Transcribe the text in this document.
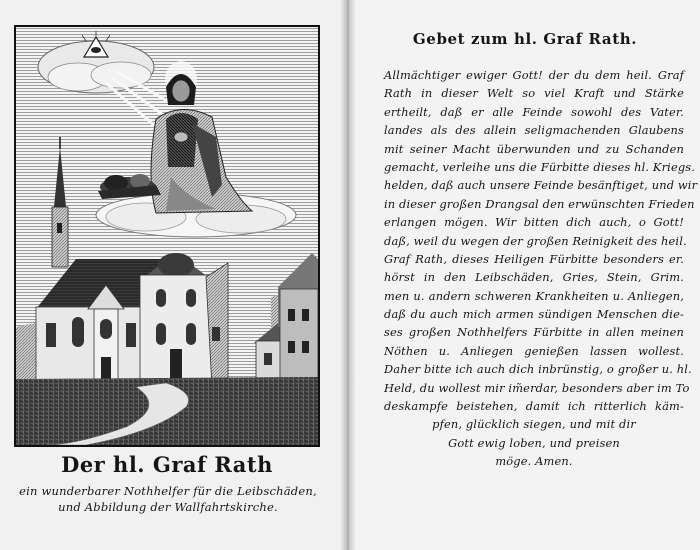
Der hl. Graf Rath
ein wunderbarer Nothhelfer für die Leibschäden,
und Abbildung der Wallfahrtskirche.
Gebet zum hl. Graf Rath.
Allmächtiger ewiger Gott! der du dem heil. Graf
Rath in dieser Welt so viel Kraft und Stärke
ertheilt, daß er alle Feinde sowohl des Vater.
landes als des allein seligmachenden Glaubens
mit seiner Macht überwunden und zu Schanden
gemacht, verleihe uns die Fürbitte dieses hl. Kriegs.
helden, daß auch unsere Feinde besänftiget, und wir
in dieser großen Drangsal den erwünschten Frieden
erlangen mögen. Wir bitten dich auch, o Gott!
daß, weil du wegen der großen Reinigkeit des heil.
Graf Rath, dieses Heiligen Fürbitte besonders er.
hörst in den Leibschäden, Gries, Stein, Grim.
men u. andern schweren Krankheiten u. Anliegen,
daß du auch mich armen sündigen Menschen die-
ses großen Nothhelfers Fürbitte in allen meinen
Nöthen u. Anliegen genießen lassen wollest.
Daher bitte ich auch dich inbrünstig, o großer u. hl.
Held, du wollest mir im̃erdar, besonders aber im To
deskampfe beistehen, damit ich ritterlich käm-
pfen, glücklich siegen, und mit dir
Gott ewig loben, und preisen
möge. Amen.
